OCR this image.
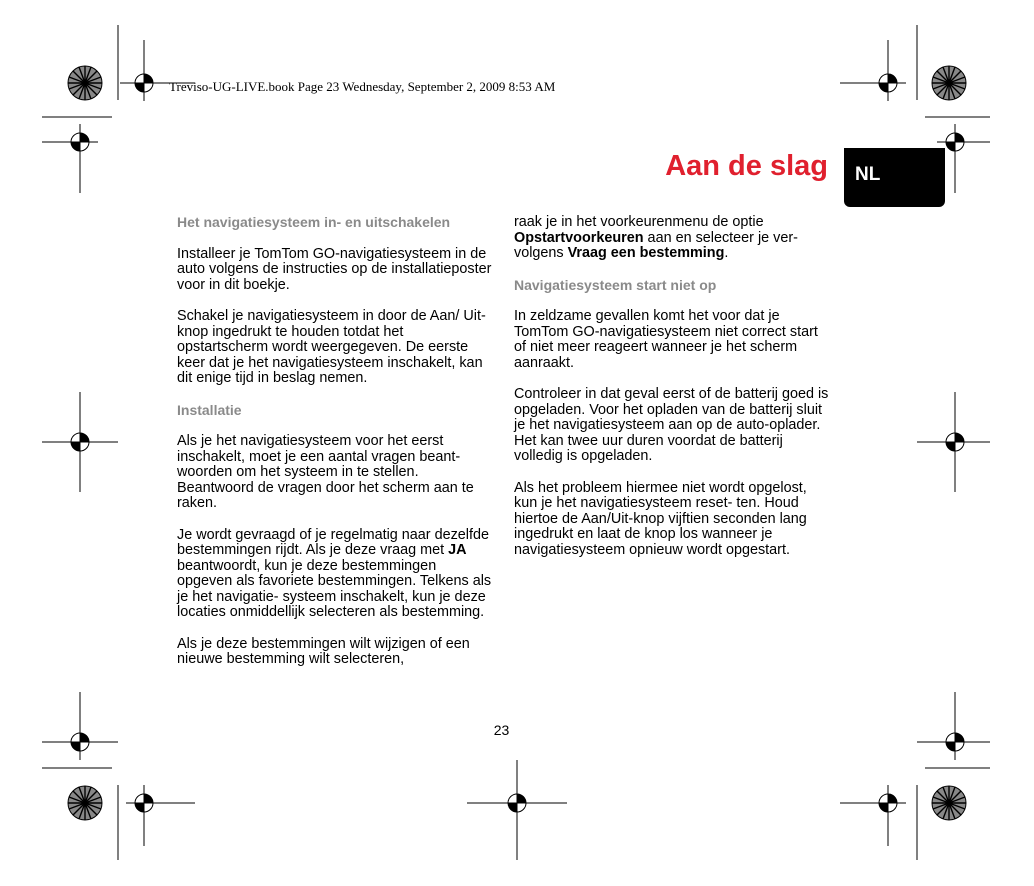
Treviso-UG-LIVE.book Page 23 Wednesday, September 2, 2009 8:53 AM
Aan de slag NL
Het navigatiesysteem in- en uitschakelen
Installeer je TomTom GO-navigatiesysteem in de auto volgens de instructies op de installatieposter voor in dit boekje.
Schakel je navigatiesysteem in door de Aan/ Uit-knop ingedrukt te houden totdat het opstartscherm wordt weergegeven. De eerste keer dat je het navigatiesysteem inschakelt, kan dit enige tijd in beslag nemen.
Installatie
Als je het navigatiesysteem voor het eerst inschakelt, moet je een aantal vragen beant- woorden om het systeem in te stellen. Beantwoord de vragen door het scherm aan te raken.
Je wordt gevraagd of je regelmatig naar dezelfde bestemmingen rijdt. Als je deze vraag met JA beantwoordt, kun je deze bestemmingen opgeven als favoriete bestemmingen. Telkens als je het navigatie- systeem inschakelt, kun je deze locaties onmiddellijk selecteren als bestemming.
Als je deze bestemmingen wilt wijzigen of een nieuwe bestemming wilt selecteren,
raak je in het voorkeurenmenu de optie Opstartvoorkeuren aan en selecteer je ver- volgens Vraag een bestemming.
Navigatiesysteem start niet op
In zeldzame gevallen komt het voor dat je TomTom GO-navigatiesysteem niet correct start of niet meer reageert wanneer je het scherm aanraakt.
Controleer in dat geval eerst of de batterij goed is opgeladen. Voor het opladen van de batterij sluit je het navigatiesysteem aan op de auto-oplader. Het kan twee uur duren voordat de batterij volledig is opgeladen.
Als het probleem hiermee niet wordt opgelost, kun je het navigatiesysteem reset- ten. Houd hiertoe de Aan/Uit-knop vijftien seconden lang ingedrukt en laat de knop los wanneer je navigatiesysteem opnieuw wordt opgestart.
23
